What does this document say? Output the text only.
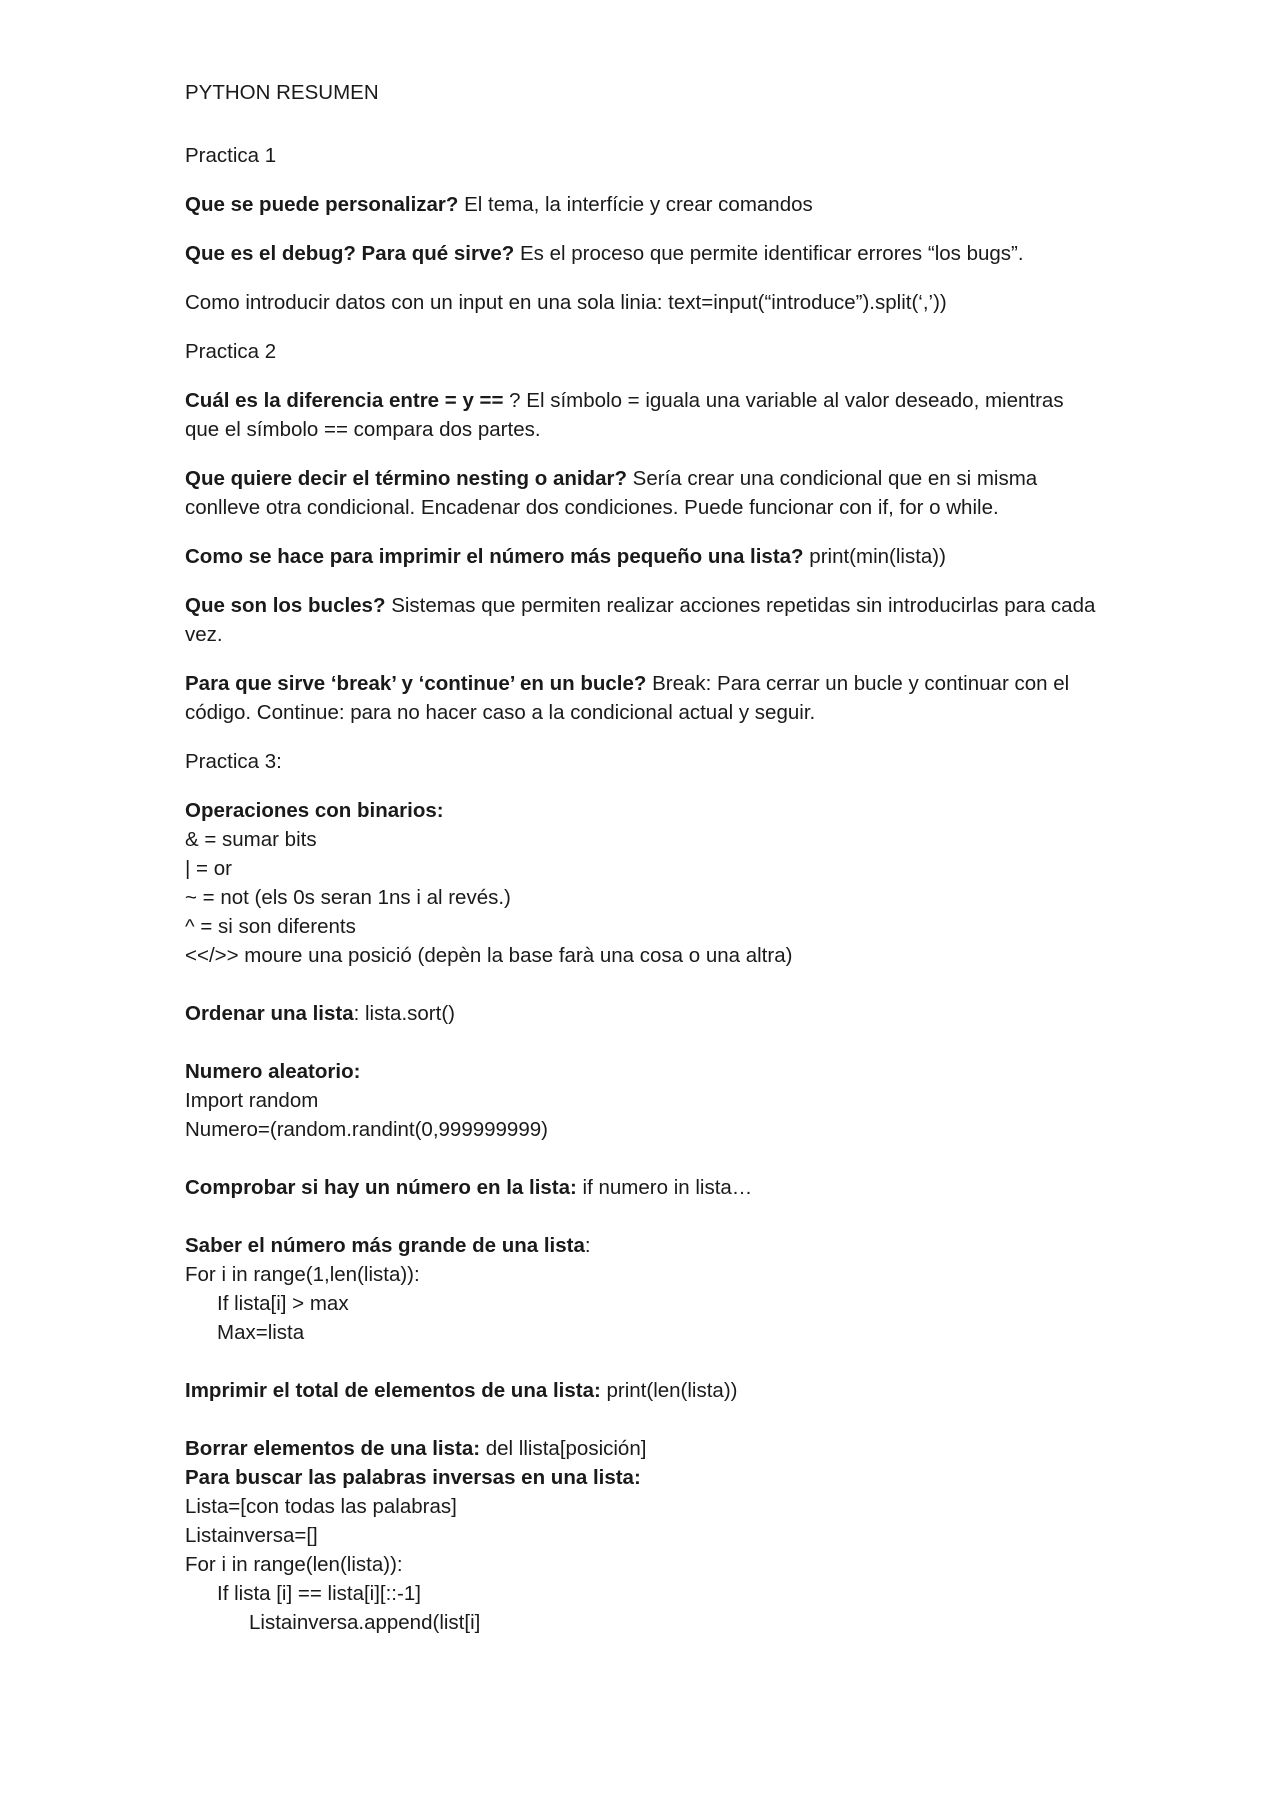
PYTHON RESUMEN
Practica 1
Que se puede personalizar? El tema, la interfície y crear comandos
Que es el debug? Para qué sirve? Es el proceso que permite identificar errores “los bugs”.
Como introducir datos con un input en una sola linia: text=input(“introduce”).split(‘,’))
Practica 2
Cuál es la diferencia entre = y == ? El símbolo = iguala una variable al valor deseado, mientras que el símbolo == compara dos partes.
Que quiere decir el término nesting o anidar? Sería crear una condicional que en si misma conlleve otra condicional. Encadenar dos condiciones. Puede funcionar con if, for o while.
Como se hace para imprimir el número más pequeño una lista? print(min(lista))
Que son los bucles? Sistemas que permiten realizar acciones repetidas sin introducirlas para cada vez.
Para que sirve ‘break’ y ‘continue’ en un bucle? Break: Para cerrar un bucle y continuar con el código. Continue: para no hacer caso a la condicional actual y seguir.
Practica 3:
Operaciones con binarios:
& = sumar bits
| = or
~ = not (els 0s seran 1ns i al revés.)
^ = si son diferents
<</>> moure una posició (depèn la base farà una cosa o una altra)
Ordenar una lista: lista.sort()
Numero aleatorio:
Import random
Numero=(random.randint(0,999999999)
Comprobar si hay un número en la lista: if numero in lista…
Saber el número más grande de una lista:
For i in range(1,len(lista)):
If lista[i] > max
Max=lista
Imprimir el total de elementos de una lista: print(len(lista))
Borrar elementos de una lista: del llista[posición]
Para buscar las palabras inversas en una lista:
Lista=[con todas las palabras]
Listainversa=[]
For i in range(len(lista)):
If lista [i] == lista[i][::-1]
Listainversa.append(list[i]
